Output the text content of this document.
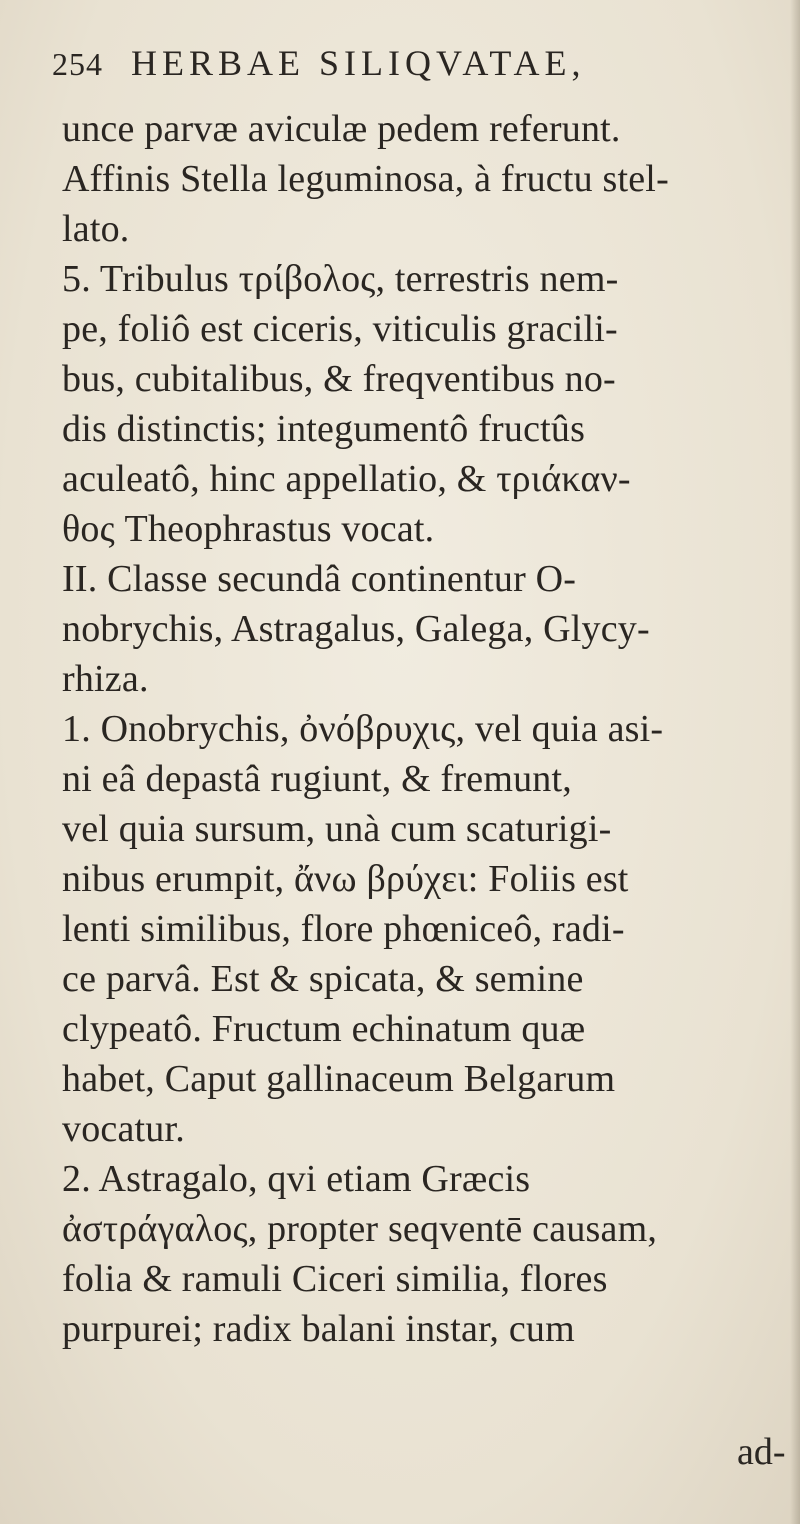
254 HERBAE SILIQVATAE,
unce parvæ aviculæ pedem referunt.
Affinis Stella leguminosa, à fructu stel-
lato.
5. Tribulus τρίβολος, terrestris nem-
pe, foliô est ciceris, viticulis gracili-
bus, cubitalibus, & freqventibus no-
dis distinctis; integumentô fructûs
aculeatô, hinc appellatio, & τριάκαν-
θος Theophrastus vocat.
II. Classe secundâ continentur O-
nobrychis, Astragalus, Galega, Glycy-
rhiza.
1. Onobrychis, ὀνόβρυχις, vel quia asi-
ni eâ depastâ rugiunt, & fremunt,
vel quia sursum, unà cum scaturigi-
nibus erumpit, ἄνω βρύχει: Foliis est
lenti similibus, flore phœniceô, radi-
ce parvâ. Est & spicata, & semine
clypeatô. Fructum echinatum quæ
habet, Caput gallinaceum Belgarum
vocatur.
2. Astragalo, qvi etiam Græcis
ἀστράγαλος, propter seqventē causam,
folia & ramuli Ciceri similia, flores
purpurei; radix balani instar, cum
ad-
